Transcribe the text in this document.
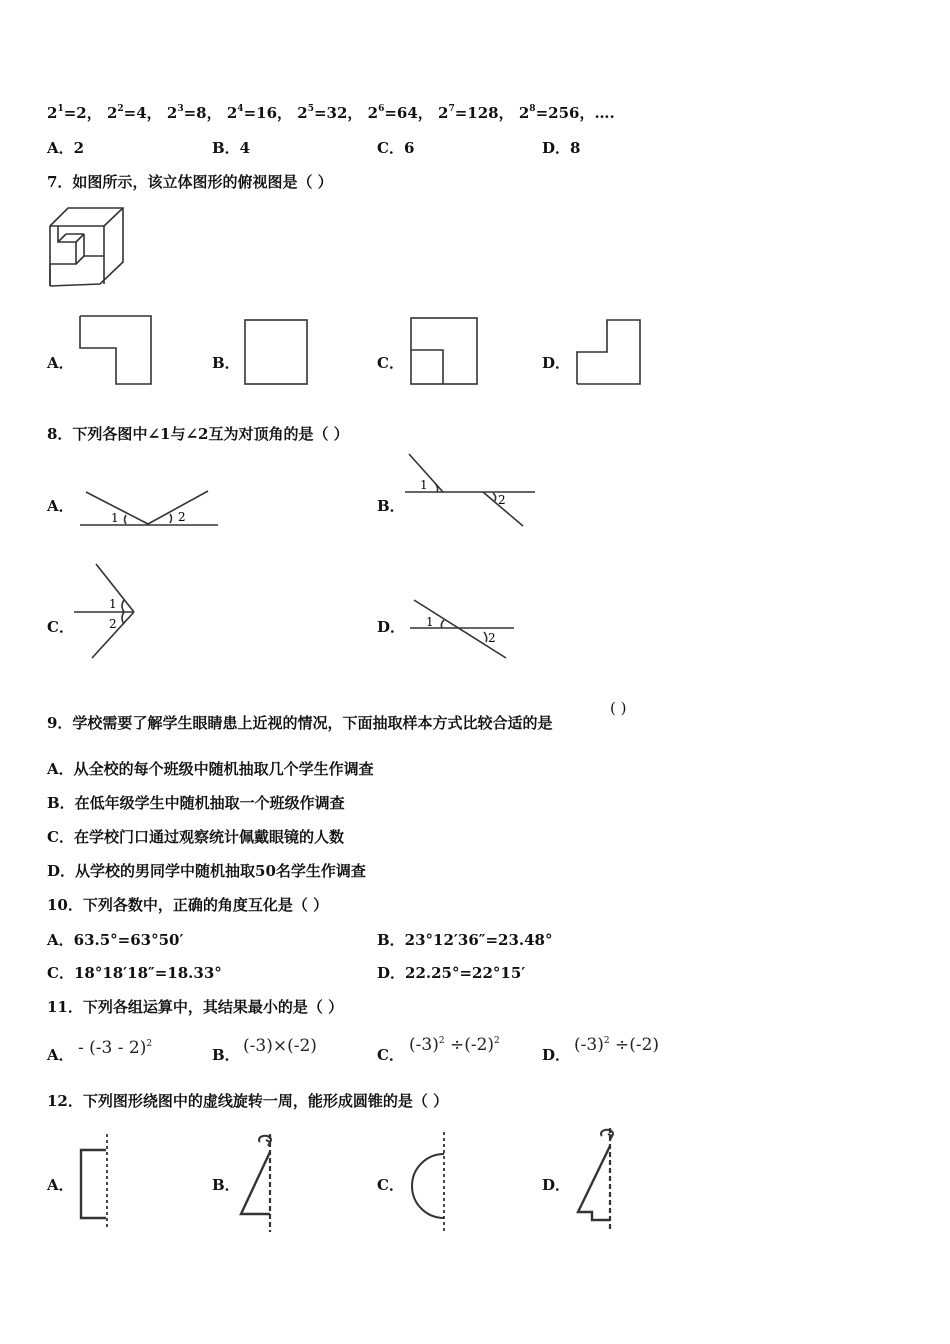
$2^1=2$， $2^2=4$， $2^3=8$， $2^4=16$， $2^5=32$， $2^6=64$， $2^7=128$， $2^8=256$，….
A．2	B．4	C．6	D．8
7．如图所示，该立体图形的俯视图是（ ）
A．	B．	C．	D．
8．下列各图中∠1与∠2互为对顶角的是（ ）
A．
1	2
B．
1
2
C．
1
2	D． 1
2
9．学校需要了解学生眼睛患上近视的情况，下面抽取样本方式比较合适的是
( )
A．从全校的每个班级中随机抽取几个学生作调查
B．在低年级学生中随机抽取一个班级作调查
C．在学校门口通过观察统计佩戴眼镜的人数
D．从学校的男同学中随机抽取50名学生作调查
10．下列各数中，正确的角度互化是（ ）
A．63.5°=63°50′	B．23°12′36″=23.48°
C．18°18′18″=18.33°	D．22.25°=22°15′
11．下列各组运算中，其结果最小的是（ ）
A． - (-3 - 2)$^2$
B． (-3)×(-2)	C． $(-3)^2 \div(-2)^2$
D． $(-3)^2 \div(-2)$
12．下列图形绕图中的虚线旋转一周，能形成圆锥的是（ ）
A．	B．	C．	D．
